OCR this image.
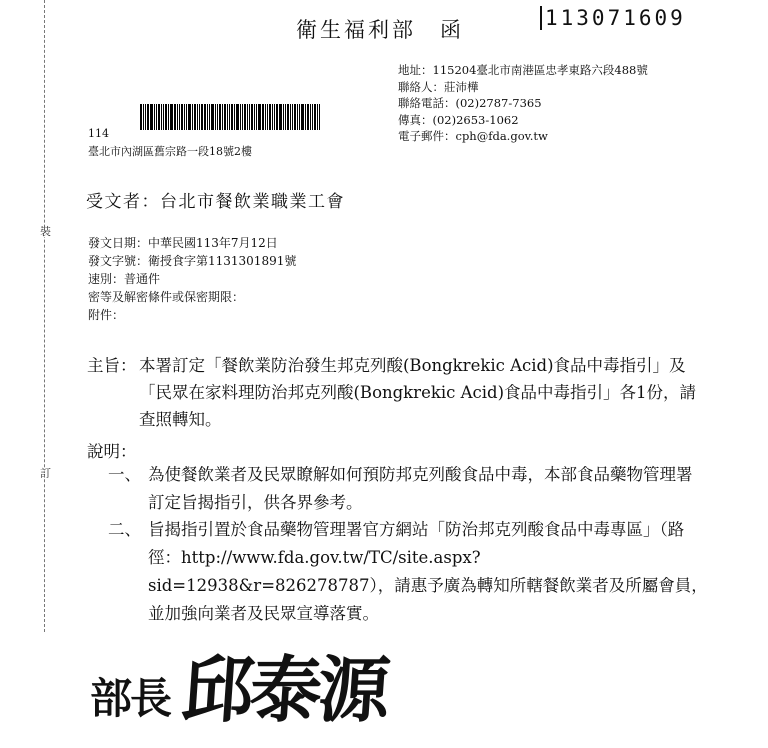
裝
訂
衛生福利部　函	113071609
地址：115204臺北市南港區忠孝東路六段488號
聯絡人：莊沛樺
聯絡電話：(02)2787-7365
傳真：(02)2653-1062
電子郵件：cph@fda.gov.tw
114
臺北市內湖區舊宗路一段18號2樓
受文者：台北市餐飲業職業工會
發文日期：中華民國113年7月12日
發文字號：衛授食字第1131301891號
速別：普通件
密等及解密條件或保密期限：
附件：
主旨： 本署訂定「餐飲業防治發生邦克列酸(Bongkrekic Acid)食品中毒指引」及「民眾在家料理防治邦克列酸(Bongkrekic Acid)食品中毒指引」各1份，請查照轉知。
說明：
一、 為使餐飲業者及民眾瞭解如何預防邦克列酸食品中毒，本部食品藥物管理署訂定旨揭指引，供各界參考。
二、 旨揭指引置於食品藥物管理署官方網站「防治邦克列酸食品中毒專區」（路徑：http://www.fda.gov.tw/TC/site.aspx?sid=12938&r=826278787），請惠予廣為轉知所轄餐飲業者及所屬會員，並加強向業者及民眾宣導落實。
部長 邱泰源
